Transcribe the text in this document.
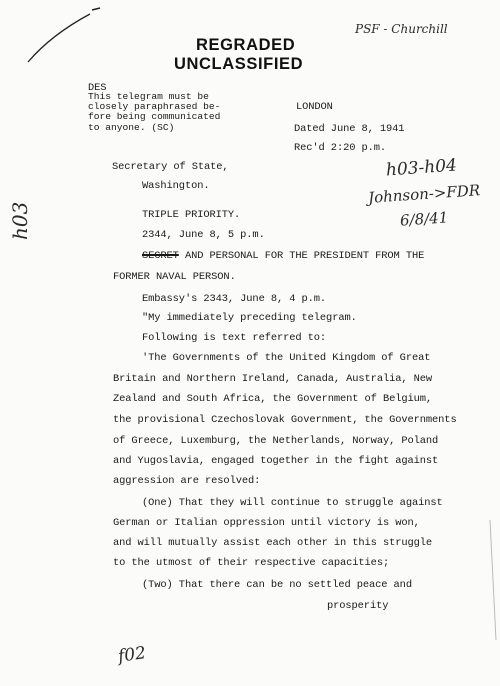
PSF - Churchill
h03-h04
Johnson->FDR
6/8/41
h03
f02
REGRADED
UNCLASSIFIED
DES
This telegram must be
closely paraphrased be-
fore being communicated
to anyone. (SC)
LONDON
Dated June 8, 1941
Rec'd 2:20 p.m.
Secretary of State,
Washington.
TRIPLE PRIORITY.
2344, June 8, 5 p.m.
SECRET AND PERSONAL FOR THE PRESIDENT FROM THE
FORMER NAVAL PERSON.
Embassy's 2343, June 8, 4 p.m.
"My immediately preceding telegram.
Following is text referred to:
'The Governments of the United Kingdom of Great
Britain and Northern Ireland, Canada, Australia, New
Zealand and South Africa, the Government of Belgium,
the provisional Czechoslovak Government, the Governments
of Greece, Luxemburg, the Netherlands, Norway, Poland
and Yugoslavia, engaged together in the fight against
aggression are resolved:
(One) That they will continue to struggle against
German or Italian oppression until victory is won,
and will mutually assist each other in this struggle
to the utmost of their respective capacities;
(Two) That there can be no settled peace and
prosperity
